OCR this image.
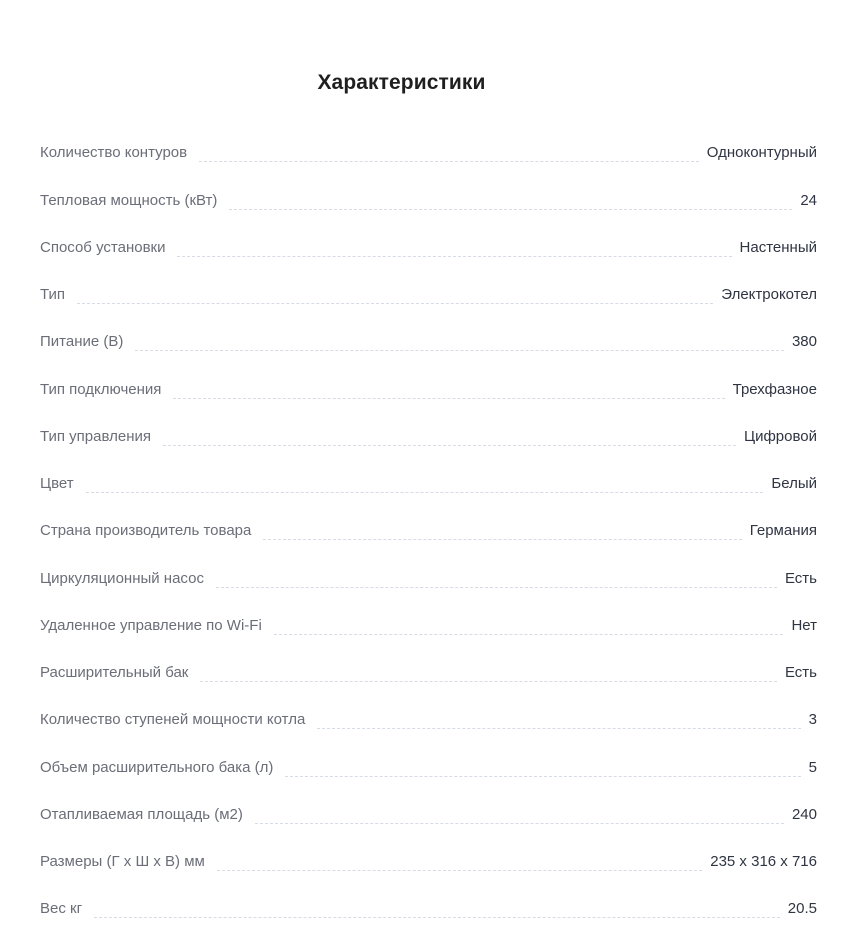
Характеристики
Количество контуров	Одноконтурный
Тепловая мощность (кВт)	24
Способ установки	Настенный
Тип	Электрокотел
Питание (В)	380
Тип подключения	Трехфазное
Тип управления	Цифровой
Цвет	Белый
Страна производитель товара	Германия
Циркуляционный насос	Есть
Удаленное управление по Wi-Fi	Нет
Расширительный бак	Есть
Количество ступеней мощности котла	3
Объем расширительного бака (л)	5
Отапливаемая площадь (м2)	240
Размеры (Г х Ш х В) мм	235 х 316 х 716
Вес кг	20.5
